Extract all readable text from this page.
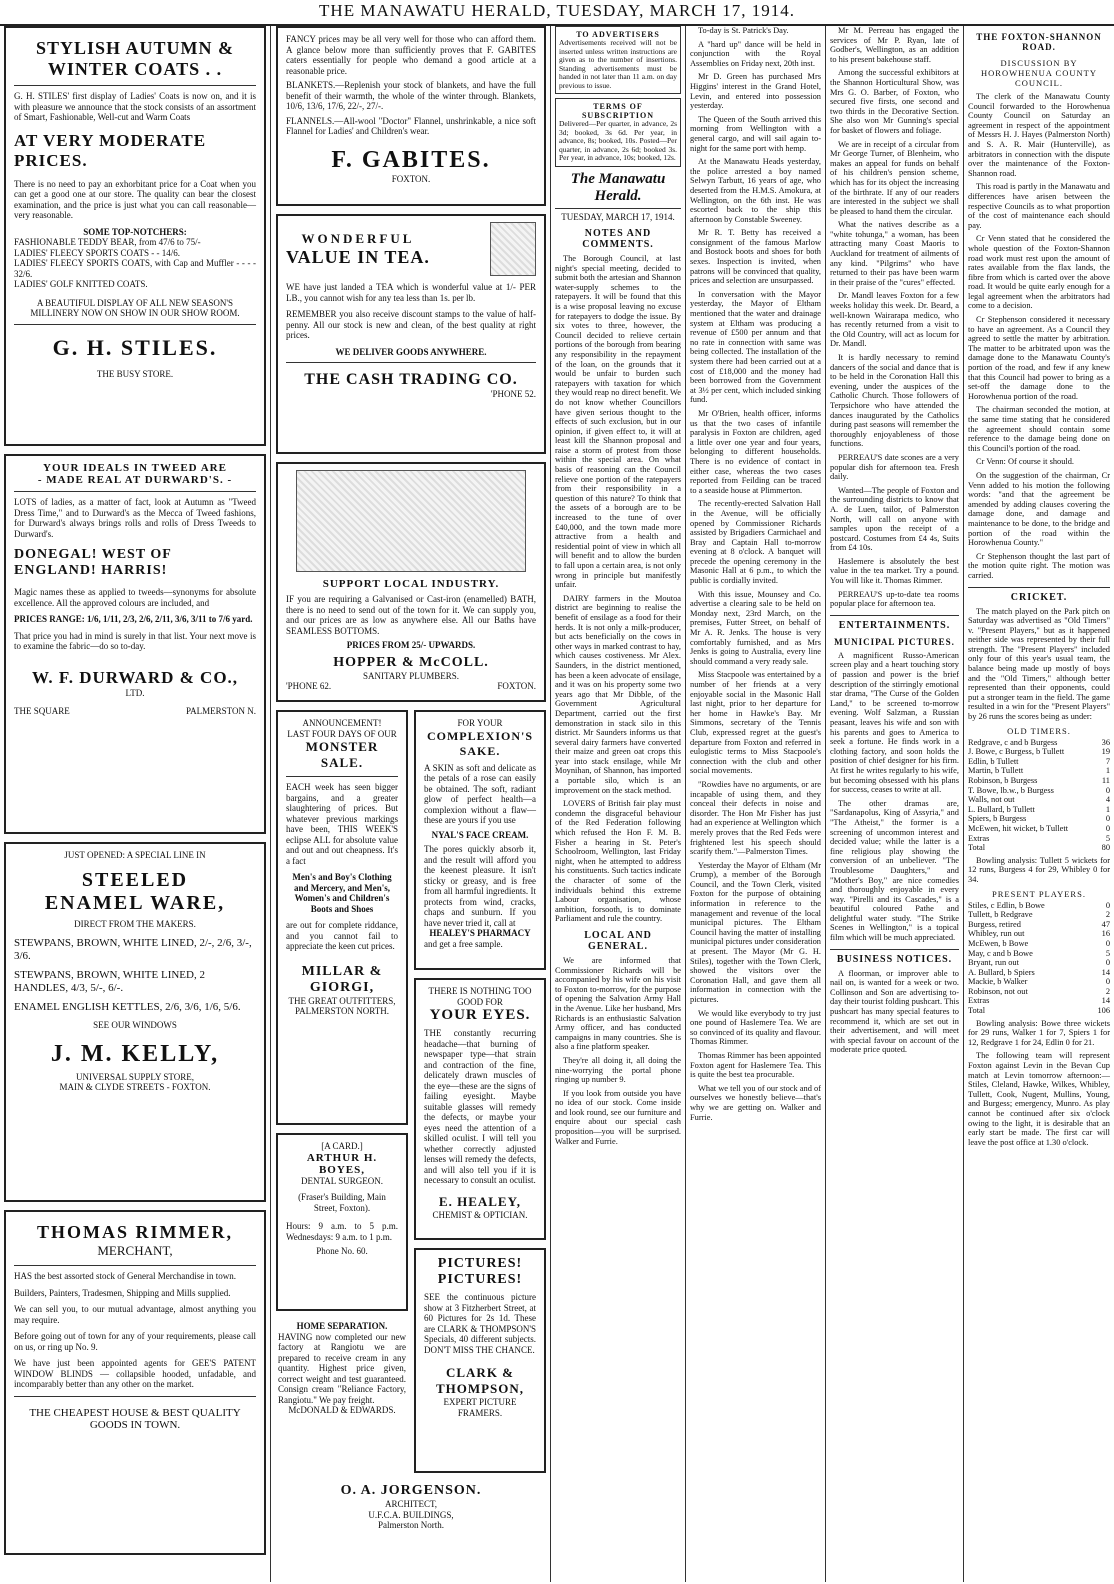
THE MANAWATU HERALD, TUESDAY, MARCH 17, 1914.
STYLISH AUTUMN &
WINTER COATS . .
G. H. STILES' first display of Ladies' Coats is now on, and it is with pleasure we announce that the stock consists of an assortment of Smart, Fashionable, Well-cut and Warm Coats
AT VERY MODERATE PRICES.
There is no need to pay an exhorbitant price for a Coat when you can get a good one at our store. The quality can bear the closest examination, and the price is just what you can call reasonable—very reasonable.
SOME TOP-NOTCHERS:
FASHIONABLE TEDDY BEAR, from 47/6 to 75/-
LADIES' FLEECY SPORTS COATS - - 14/6.
LADIES' FLEECY SPORTS COATS, with Cap and Muffler - - - - 32/6.
LADIES' GOLF KNITTED COATS.
A BEAUTIFUL DISPLAY OF ALL NEW SEASON'S MILLINERY NOW ON SHOW IN OUR SHOW ROOM.
G. H. STILES.
THE BUSY STORE.
YOUR IDEALS IN TWEED ARE
- MADE REAL AT DURWARD'S. -
LOTS of ladies, as a matter of fact, look at Autumn as "Tweed Dress Time," and to Durward's as the Mecca of Tweed fashions, for Durward's always brings rolls and rolls of Dress Tweeds to Durward's.
DONEGAL! WEST OF ENGLAND! HARRIS!
Magic names these as applied to tweeds—synonyms for absolute excellence. All the approved colours are included, and
PRICES RANGE: 1/6, 1/11, 2/3, 2/6, 2/11, 3/6, 3/11 to 7/6 yard.
That price you had in mind is surely in that list. Your next move is to examine the fabric—do so to-day.
W. F. DURWARD & CO.,
LTD.
THE SQUARE	PALMERSTON N.
JUST OPENED: A SPECIAL LINE IN
STEELED
ENAMEL WARE,
DIRECT FROM THE MAKERS.
STEWPANS, BROWN, WHITE LINED, 2/-, 2/6, 3/-, 3/6.
STEWPANS, BROWN, WHITE LINED, 2 HANDLES, 4/3, 5/-, 6/-.
ENAMEL ENGLISH KETTLES, 2/6, 3/6, 1/6, 5/6.
SEE OUR WINDOWS
J. M. KELLY,
UNIVERSAL SUPPLY STORE,
MAIN & CLYDE STREETS - FOXTON.
THOMAS RIMMER,
MERCHANT,
HAS the best assorted stock of General Merchandise in town.
Builders, Painters, Tradesmen, Shipping and Mills supplied.
We can sell you, to our mutual advantage, almost anything you may require.
Before going out of town for any of your requirements, please call on us, or ring up No. 9.
We have just been appointed agents for GEE'S PATENT WINDOW BLINDS — collapsible hooded, unfadable, and incomparably better than any other on the market.
THE CHEAPEST HOUSE & BEST QUALITY GOODS IN TOWN.
FANCY prices may be all very well for those who can afford them. A glance below more than sufficiently proves that F. GABITES caters essentially for people who demand a good article at a reasonable price.
BLANKETS.—Replenish your stock of blankets, and have the full benefit of their warmth, the whole of the winter through. Blankets, 10/6, 13/6, 17/6, 22/-, 27/-.
FLANNELS.—All-wool "Doctor" Flannel, unshrinkable, a nice soft Flannel for Ladies' and Children's wear.
F. GABITES.
FOXTON.
WONDERFUL
VALUE IN TEA.
WE have just landed a TEA which is wonderful value at 1/- PER LB., you cannot wish for any tea less than 1s. per lb.
REMEMBER you also receive discount stamps to the value of half-penny. All our stock is new and clean, of the best quality at right prices.
WE DELIVER GOODS ANYWHERE.
THE CASH TRADING CO.
'PHONE 52.
SUPPORT LOCAL INDUSTRY.
IF you are requiring a Galvanised or Cast-iron (enamelled) BATH, there is no need to send out of the town for it. We can supply you, and our prices are as low as anywhere else. All our Baths have SEAMLESS BOTTOMS.
PRICES FROM 25/- UPWARDS.
HOPPER & McCOLL.
SANITARY PLUMBERS.
'PHONE 62.	FOXTON.
ANNOUNCEMENT!
LAST FOUR DAYS OF OUR
MONSTER SALE.
EACH week has seen bigger bargains, and a greater slaughtering of prices. But whatever previous markings have been, THIS WEEK'S eclipse ALL for absolute value and out and out cheapness. It's a fact
Men's and Boy's Clothing and Mercery, and Men's, Women's and Children's Boots and Shoes
are out for complete riddance, and you cannot fail to appreciate the keen cut prices.
MILLAR & GIORGI,
THE GREAT OUTFITTERS,
PALMERSTON NORTH.
[A CARD.]
ARTHUR H. BOYES,
DENTAL SURGEON.
(Fraser's Building, Main Street, Foxton).
Hours: 9 a.m. to 5 p.m. Wednesdays: 9 a.m. to 1 p.m.
Phone No. 60.
HOME SEPARATION.
HAVING now completed our new factory at Rangiotu we are prepared to receive cream in any quantity. Highest price given, correct weight and test guaranteed. Consign cream "Reliance Factory, Rangiotu." We pay freight.
McDONALD & EDWARDS.
FOR YOUR
COMPLEXION'S
SAKE.
A SKIN as soft and delicate as the petals of a rose can easily be obtained. The soft, radiant glow of perfect health—a complexion without a flaw—these are yours if you use
NYAL'S FACE CREAM.
The pores quickly absorb it, and the result will afford you the keenest pleasure. It isn't sticky or greasy, and is free from all harmful ingredients. It protects from wind, cracks, chaps and sunburn. If you have never tried it, call at
HEALEY'S PHARMACY
and get a free sample.
THERE IS NOTHING TOO GOOD FOR
YOUR EYES.
THE constantly recurring headache—that burning of newspaper type—that strain and contraction of the fine, delicately drawn muscles of the eye—these are the signs of failing eyesight. Maybe suitable glasses will remedy the defects, or maybe your eyes need the attention of a skilled oculist. I will tell you whether correctly adjusted lenses will remedy the defects, and will also tell you if it is necessary to consult an oculist.
E. HEALEY,
CHEMIST & OPTICIAN.
PICTURES! PICTURES!
SEE the continuous picture show at 3 Fitzherbert Street, at 60 Pictures for 2s 1d. These are CLARK & THOMPSON'S Specials, 40 different subjects. DON'T MISS THE CHANCE.
CLARK & THOMPSON,
EXPERT PICTURE FRAMERS.
O. A. JORGENSON.
ARCHITECT,
U.F.C.A. BUILDINGS,
Palmerston North.
TO ADVERTISERS
Advertisements received will not be inserted unless written instructions are given as to the number of insertions. Standing advertisements must be handed in not later than 11 a.m. on day previous to issue.
TERMS OF SUBSCRIPTION
Delivered—Per quarter, in advance, 2s 3d; booked, 3s 6d. Per year, in advance, 8s; booked, 10s. Posted—Per quarter, in advance, 2s 6d; booked 3s. Per year, in advance, 10s; booked, 12s.
The Manawatu Herald.
TUESDAY, MARCH 17, 1914.
NOTES AND COMMENTS.

The Borough Council, at last night's special meeting, decided to submit both the artesian and Shannon water-supply schemes to the ratepayers. It will be found that this is a wise proposal leaving no excuse for ratepayers to dodge the issue. By six votes to three, however, the Council decided to relieve certain portions of the borough from bearing any responsibility in the repayment of the loan, on the grounds that it would be unfair to burden such ratepayers with taxation for which they would reap no direct benefit. We do not know whether Councillors have given serious thought to the effects of such exclusion, but in our opinion, if given effect to, it will at least kill the Shannon proposal and raise a storm of protest from those within the special area. On what basis of reasoning can the Council relieve one portion of the ratepayers from their responsibility in a question of this nature? To think that the assets of a borough are to be increased to the tune of over £40,000, and the town made more attractive from a health and residential point of view in which all will benefit and to allow the burden to fall upon a certain area, is not only wrong in principle but manifestly unfair.

DAIRY farmers in the Moutoa district are beginning to realise the benefit of ensilage as a food for their herds. It is not only a milk-producer, but acts beneficially on the cows in other ways in marked contrast to hay, which causes costiveness. Mr Alex. Saunders, in the district mentioned, has been a keen advocate of ensilage, and it was on his property some two years ago that Mr Dibble, of the Government Agricultural Department, carried out the first demonstration in stack silo in this district. Mr Saunders informs us that several dairy farmers have converted their maize and green oat crops this year into stack ensilage, while Mr Moynihan, of Shannon, has imported a portable silo, which is an improvement on the stack method.

LOVERS of British fair play must condemn the disgraceful behaviour of the Red Federation following which refused the Hon F. M. B. Fisher a hearing in St. Peter's Schoolroom, Wellington, last Friday night, when he attempted to address his constituents. Such tactics indicate the character of some of the individuals behind this extreme Labour organisation, whose ambition, forsooth, is to dominate Parliament and rule the country.

LOCAL AND GENERAL.

We are informed that Commissioner Richards will be accompanied by his wife on his visit to Foxton to-morrow, for the purpose of opening the Salvation Army Hall in the Avenue. Like her husband, Mrs Richards is an enthusiastic Salvation Army officer, and has conducted campaigns in many countries. She is also a fine platform speaker.

They're all doing it, all doing the nine-worrying the portal phone ringing up number 9.

If you look from outside you have no idea of our stock. Come inside and look round, see our furniture and enquire about our special cash proposition—you will be surprised. Walker and Furrie.

To-day is St. Patrick's Day.

A "hard up" dance will be held in conjunction with the Royal Assemblies on Friday next, 20th inst.

Mr D. Green has purchased Mrs Higgins' interest in the Grand Hotel, Levin, and entered into possession yesterday.

The Queen of the South arrived this morning from Wellington with a general cargo, and will sail again to-night for the same port with hemp.

At the Manawatu Heads yesterday, the police arrested a boy named Selwyn Tarbutt, 16 years of age, who deserted from the H.M.S. Amokura, at Wellington, on the 6th inst. He was escorted back to the ship this afternoon by Constable Sweeney.

Mr R. T. Betty has received a consignment of the famous Marlow and Bostock boots and shoes for both sexes. Inspection is invited, when patrons will be convinced that quality, prices and selection are unsurpassed.

In conversation with the Mayor yesterday, the Mayor of Eltham mentioned that the water and drainage system at Eltham was producing a revenue of £500 per annum and that no rate in connection with same was being collected. The installation of the system there had been carried out at a cost of £18,000 and the money had been borrowed from the Government at 3½ per cent, which included sinking fund.

Mr O'Brien, health officer, informs us that the two cases of infantile paralysis in Foxton are children, aged a little over one year and four years, belonging to different households. There is no evidence of contact in either case, whereas the two cases reported from Feilding can be traced to a seaside house at Plimmerton.

The recently-erected Salvation Hall in the Avenue, will be officially opened by Commissioner Richards assisted by Brigadiers Carmichael and Bray and Captain Hall to-morrow evening at 8 o'clock. A banquet will precede the opening ceremony in the Masonic Hall at 6 p.m., to which the public is cordially invited.

With this issue, Mounsey and Co. advertise a clearing sale to be held on Monday next, 23rd March, on the premises, Futter Street, on behalf of Mr A. R. Jenks. The house is very comfortably furnished, and as Mrs Jenks is going to Australia, every line should command a very ready sale.

Miss Stacpoole was entertained by a number of her friends at a very enjoyable social in the Masonic Hall last night, prior to her departure for her home in Hawke's Bay. Mr Simmons, secretary of the Tennis Club, expressed regret at the guest's departure from Foxton and referred in eulogistic terms to Miss Stacpoole's connection with the club and other social movements.

"Rowdies have no arguments, or are incapable of using them, and they conceal their defects in noise and disorder. The Hon Mr Fisher has just had an experience at Wellington which merely proves that the Red Feds were frightened lest his speech should scarify them."—Palmerston Times.

Yesterday the Mayor of Eltham (Mr Crump), a member of the Borough Council, and the Town Clerk, visited Foxton for the purpose of obtaining information in reference to the management and revenue of the local municipal pictures. The Eltham Council having the matter of installing municipal pictures under consideration at present. The Mayor (Mr G. H. Stiles), together with the Town Clerk, showed the visitors over the Coronation Hall, and gave them all information in connection with the pictures.

We would like everybody to try just one pound of Haslemere Tea. We are so convinced of its quality and flavour. Thomas Rimmer.

Thomas Rimmer has been appointed Foxton agent for Haslemere Tea. This is quite the best tea procurable.

What we tell you of our stock and of ourselves we honestly believe—that's why we are getting on. Walker and Furrie.

Mr M. Perreau has engaged the services of Mr P. Ryan, late of Godber's, Wellington, as an addition to his present bakehouse staff.

Among the successful exhibitors at the Shannon Horticultural Show, was Mrs G. O. Barber, of Foxton, who secured five firsts, one second and two thirds in the Decorative Section. She also won Mr Gunning's special for basket of flowers and foliage.

We are in receipt of a circular from Mr George Turner, of Blenheim, who makes an appeal for funds on behalf of his children's pension scheme, which has for its object the increasing of the birthrate. If any of our readers are interested in the subject we shall be pleased to hand them the circular.

What the natives describe as a "white tohunga," a woman, has been attracting many Coast Maoris to Auckland for treatment of ailments of any kind. "Pilgrims" who have returned to their pas have been warm in their praise of the "cures" effected.

Dr. Mandl leaves Foxton for a few weeks holiday this week. Dr. Beard, a well-known Wairarapa medico, who has recently returned from a visit to the Old Country, will act as locum for Dr. Mandl.

It is hardly necessary to remind dancers of the social and dance that is to be held in the Coronation Hall this evening, under the auspices of the Catholic Church. Those followers of Terpsichore who have attended the dances inaugurated by the Catholics during past seasons will remember the thoroughly enjoyableness of those functions.

PERREAU'S date scones are a very popular dish for afternoon tea. Fresh daily.

Wanted—The people of Foxton and the surrounding districts to know that A. de Luen, tailor, of Palmerston North, will call on anyone with samples upon the receipt of a postcard. Costumes from £4 4s, Suits from £4 10s.

Haslemere is absolutely the best value in the tea market. Try a pound. You will like it. Thomas Rimmer.

PERREAU'S up-to-date tea rooms popular place for afternoon tea.

ENTERTAINMENTS.
MUNICIPAL PICTURES.

A magnificent Russo-American screen play and a heart touching story of passion and power is the brief description of the stirringly emotional star drama, "The Curse of the Golden Land," to be screened to-morrow evening. Wolf Salzman, a Russian peasant, leaves his wife and son with his parents and goes to America to seek a fortune. He finds work in a clothing factory, and soon holds the position of chief designer for his firm. At first he writes regularly to his wife, but becoming obsessed with his plans for success, ceases to write at all.

The other dramas are, "Sardanapolus, King of Assyria," and "The Atheist," the former is a screening of uncommon interest and decided value; while the latter is a fine religious play showing the conversion of an unbeliever. "The Troublesome Daughters," and "Mother's Boy," are nice comedies and thoroughly enjoyable in every way. "Pirelli and its Cascades," is a beautiful coloured Pathe and delightful water study. "The Strike Scenes in Wellington," is a topical film which will be much appreciated.

BUSINESS NOTICES.

A floorman, or improver able to nail on, is wanted for a week or two. Collinson and Son are advertising to-day their tourist folding pushcart. This pushcart has many special features to recommend it, which are set out in their advertisement, and will meet with special favour on account of the moderate price quoted.

THE FOXTON-SHANNON ROAD.
DISCUSSION BY HOROWHENUA COUNTY COUNCIL.

The clerk of the Manawatu County Council forwarded to the Horowhenua County Council on Saturday an agreement in respect of the appointment of Messrs H. J. Hayes (Palmerston North) and S. A. R. Mair (Hunterville), as arbitrators in connection with the dispute over the maintenance of the Foxton-Shannon road.

This road is partly in the Manawatu and differences have arisen between the respective Councils as to what proportion of the cost of maintenance each should pay.

Cr Venn stated that he considered the whole question of the Foxton-Shannon road work must rest upon the amount of rates available from the flax lands, the fibre from which is carted over the above road. It would be quite early enough for a legal agreement when the arbitrators had come to a decision.

Cr Stephenson considered it necessary to have an agreement. As a Council they agreed to settle the matter by arbitration. The matter to be arbitrated upon was the damage done to the Manawatu County's portion of the road, and few if any knew that this Council had power to bring as a set-off the damage done to the Horowhenua portion of the road.

The chairman seconded the motion, at the same time stating that he considered the agreement should contain some reference to the damage being done on this Council's portion of the road.

Cr Venn: Of course it should.

On the suggestion of the chairman, Cr Venn added to his motion the following words: "and that the agreement be amended by adding clauses covering the damage done, and damage and maintenance to be done, to the bridge and portion of the road within the Horowhenua County."

Cr Stephenson thought the last part of the motion quite right. The motion was carried.

CRICKET.

The match played on the Park pitch on Saturday was advertised as "Old Timers" v. "Present Players," but as it happened neither side was represented by their full strength. The "Present Players" included only four of this year's usual team, the balance being made up mostly of boys and the "Old Timers," although better represented than their opponents, could put a stronger team in the field. The game resulted in a win for the "Present Players" by 26 runs the scores being as under:

OLD TIMERS.
Redgrave, c and b Burgess	36
J. Bowe, c Burgess, b Tullett	19
Edlin, b Tullett	7
Martin, b Tullett	1
Robinson, b Burgess	11
T. Bowe, lb.w., b Burgess	0
Walls, not out	4
L. Bullard, b Tullett	1
Spiers, b Burgess	0
McEwen, hit wicket, b Tullett	0
Extras	5
Total	80

Bowling analysis: Tullett 5 wickets for 12 runs, Burgess 4 for 29, Whibley 0 for 34.

PRESENT PLAYERS.
Stiles, c Edlin, b Bowe	0
Tullett, b Redgrave	2
Burgess, retired	47
Whibley, run out	16
McEwen, b Bowe	0
May, c and b Bowe	5
Bryant, run out	0
A. Bullard, b Spiers	14
Mackie, b Walker	0
Robinson, not out	2
Extras	14
Total	106

Bowling analysis: Bowe three wickets for 29 runs, Walker 1 for 7, Spiers 1 for 12, Redgrave 1 for 24, Edlin 0 for 21.

The following team will represent Foxton against Levin in the Bevan Cup match at Levin tomorrow afternoon:—Stiles, Cleland, Hawke, Wilkes, Whibley, Tullett, Cook, Nugent, Mullins, Young, and Burgess; emergency, Munro. As play cannot be continued after six o'clock owing to the light, it is desirable that an early start be made. The first car will leave the post office at 1.30 o'clock.
